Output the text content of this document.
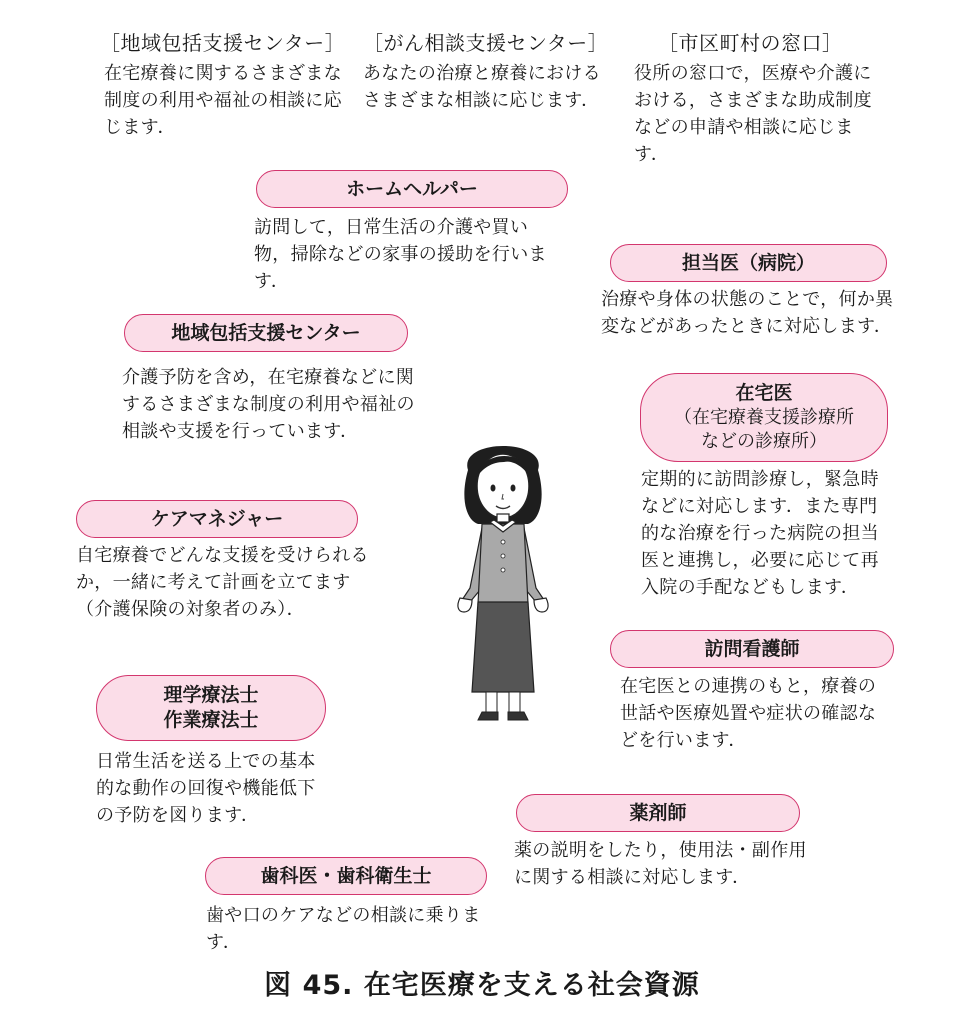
［地域包括支援センター］
在宅療養に関するさまざまな制度の利用や福祉の相談に応じます．
［がん相談支援センター］
あなたの治療と療養におけるさまざまな相談に応じます．
［市区町村の窓口］
役所の窓口で，医療や介護における，さまざまな助成制度などの申請や相談に応じます．
ホームヘルパー
訪問して，日常生活の介護や買い物，掃除などの家事の援助を行います．
担当医（病院）
治療や身体の状態のことで，何か異変などがあったときに対応します．
地域包括支援センター
介護予防を含め，在宅療養などに関するさまざまな制度の利用や福祉の相談や支援を行っています．
在宅医
（在宅療養支援診療所
などの診療所）
定期的に訪問診療し，緊急時などに対応します．また専門的な治療を行った病院の担当医と連携し，必要に応じて再入院の手配などもします．
ケアマネジャー
自宅療養でどんな支援を受けられるか，一緒に考えて計画を立てます（介護保険の対象者のみ）．
訪問看護師
在宅医との連携のもと，療養の世話や医療処置や症状の確認などを行います．
理学療法士
作業療法士
日常生活を送る上での基本的な動作の回復や機能低下の予防を図ります．	薬剤師
薬の説明をしたり，使用法・副作用に関する相談に対応します．
歯科医・歯科衛生士
歯や口のケアなどの相談に乗ります．
図 45. 在宅医療を支える社会資源
